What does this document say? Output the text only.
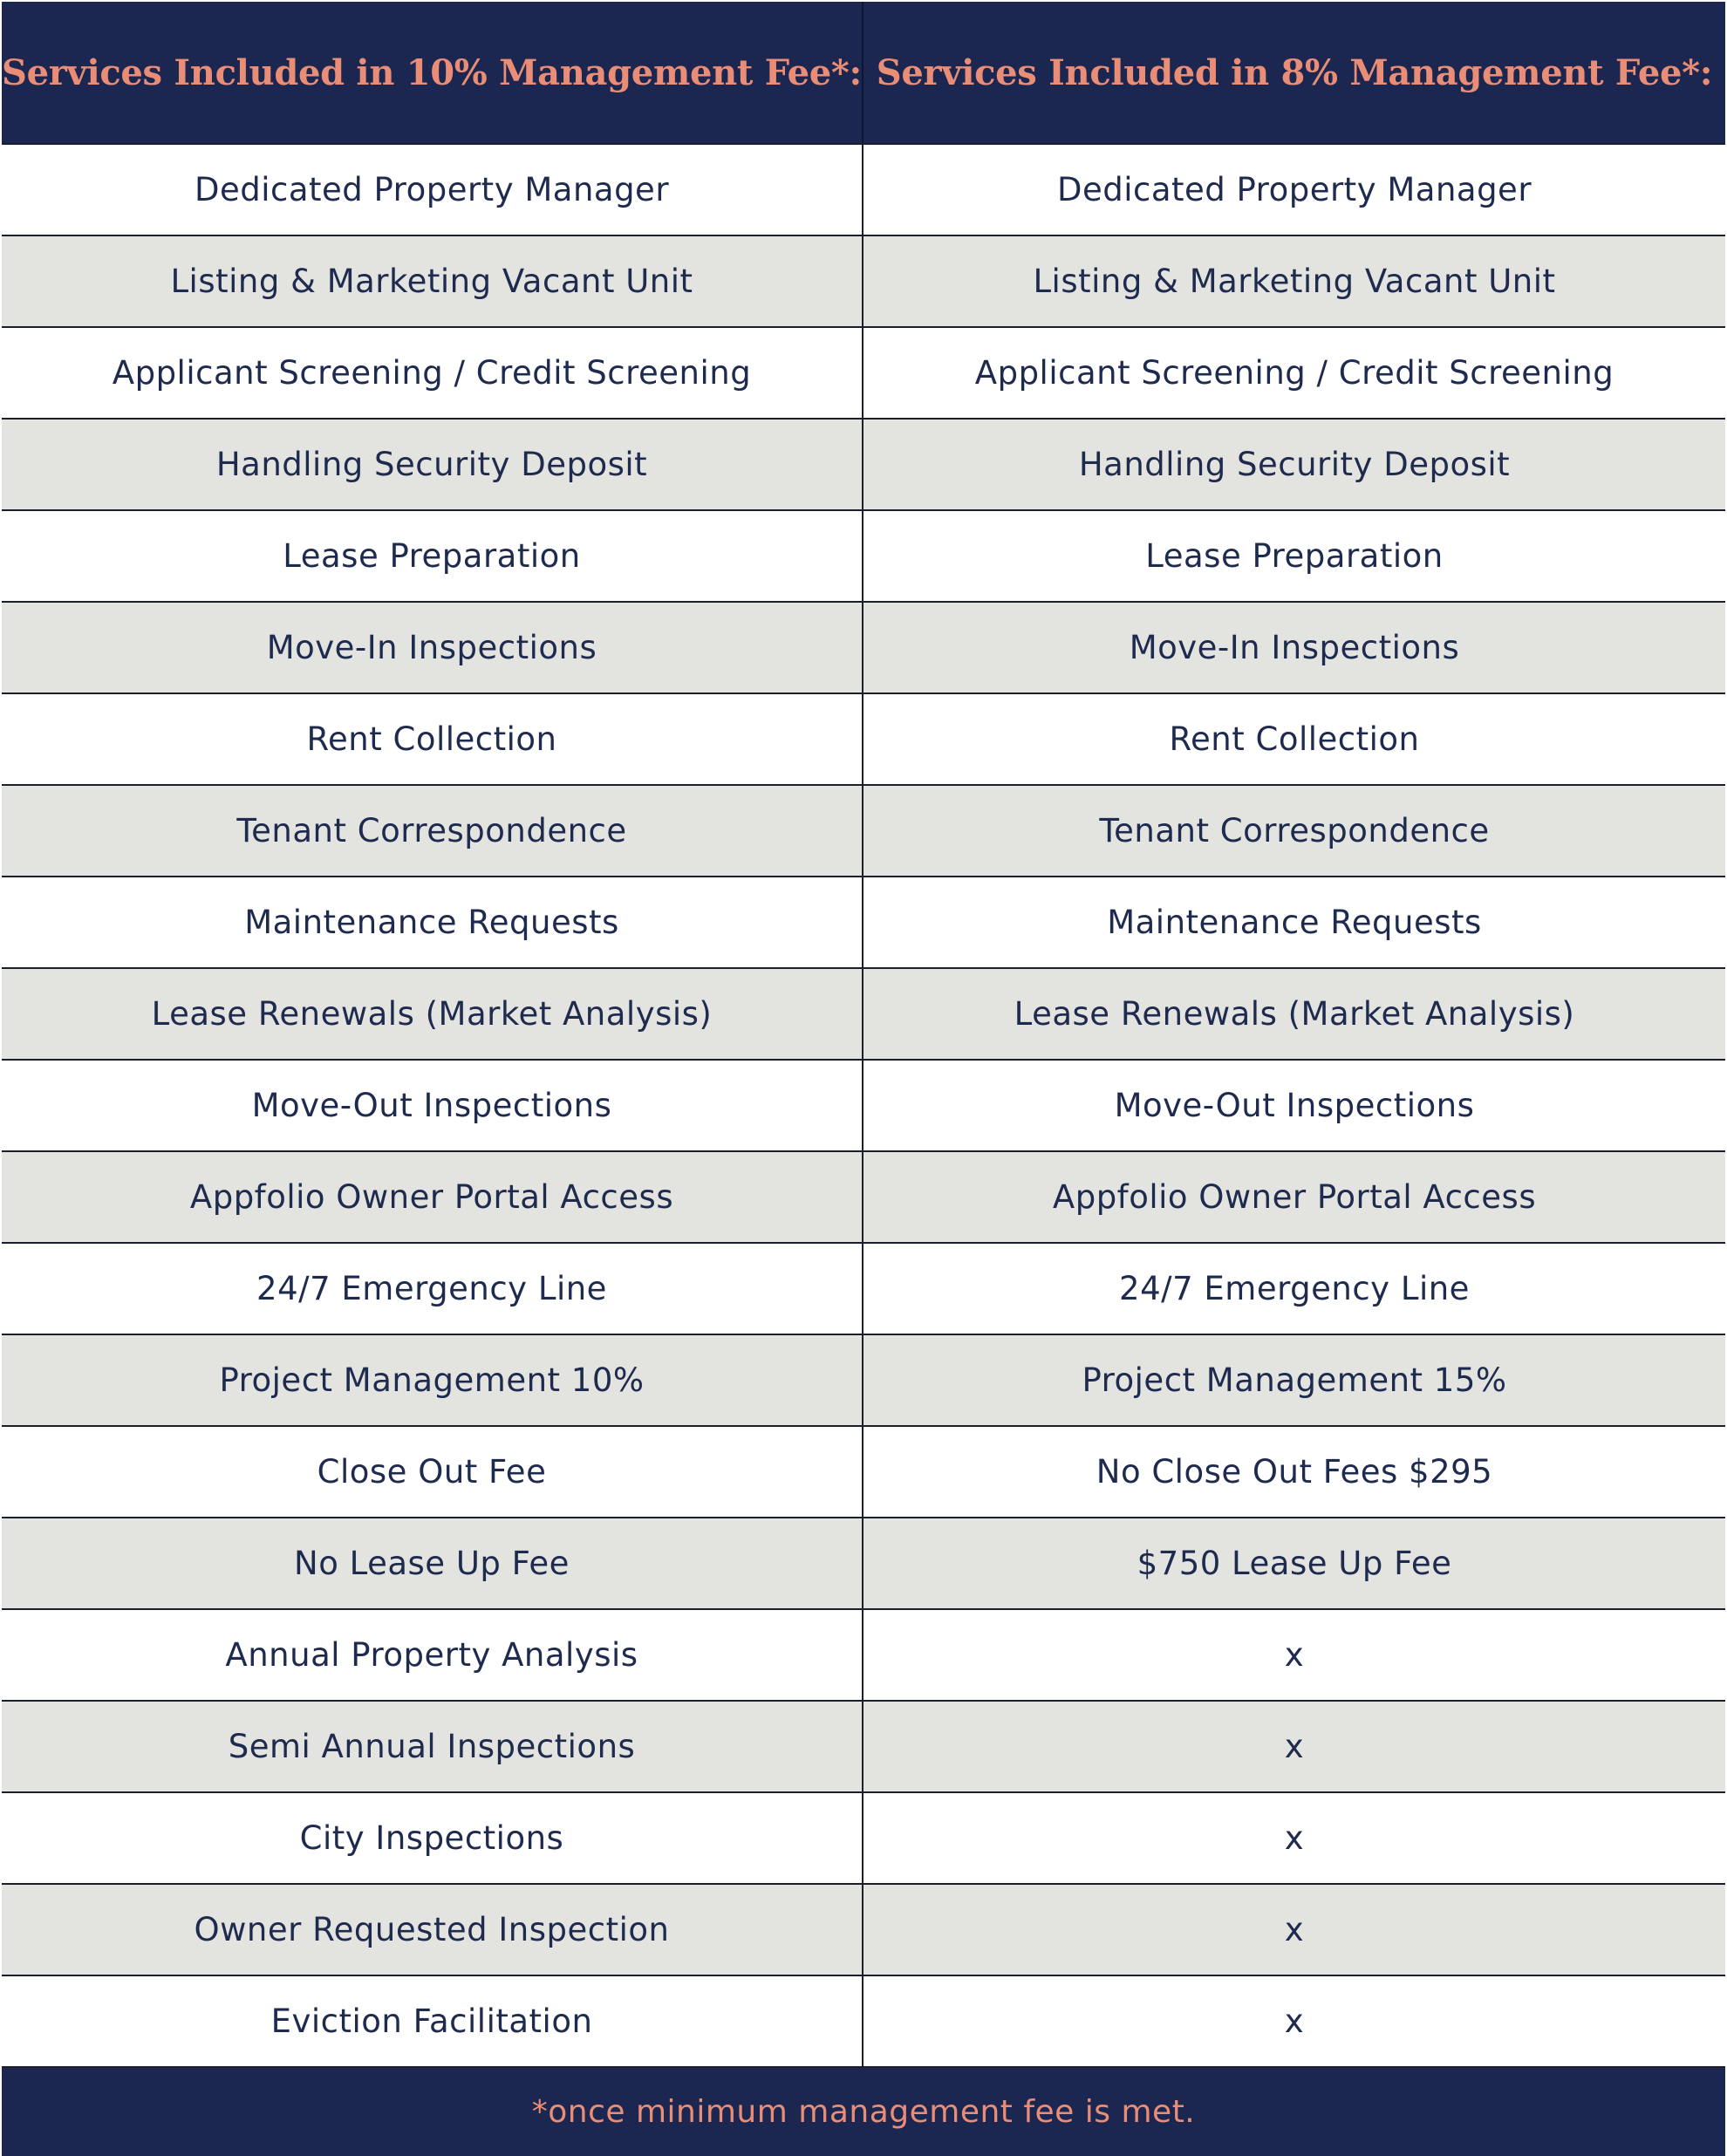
Services Included in 10% Management Fee*: Services Included in 8% Management Fee*:
Dedicated Property Manager	Dedicated Property Manager
Listing & Marketing Vacant Unit	Listing & Marketing Vacant Unit
Applicant Screening / Credit Screening	Applicant Screening / Credit Screening
Handling Security Deposit	Handling Security Deposit
Lease Preparation	Lease Preparation
Move-In Inspections	Move-In Inspections
Rent Collection	Rent Collection
Tenant Correspondence	Tenant Correspondence
Maintenance Requests	Maintenance Requests
Lease Renewals (Market Analysis)	Lease Renewals (Market Analysis)
Move-Out Inspections	Move-Out Inspections
Appfolio Owner Portal Access	Appfolio Owner Portal Access
24/7 Emergency Line	24/7 Emergency Line
Project Management 10%	Project Management 15%
Close Out Fee	No Close Out Fees $295
No Lease Up Fee	$750 Lease Up Fee
Annual Property Analysis	x
Semi Annual Inspections	x
City Inspections	x
Owner Requested Inspection	x
Eviction Facilitation	x
*once minimum management fee is met.
